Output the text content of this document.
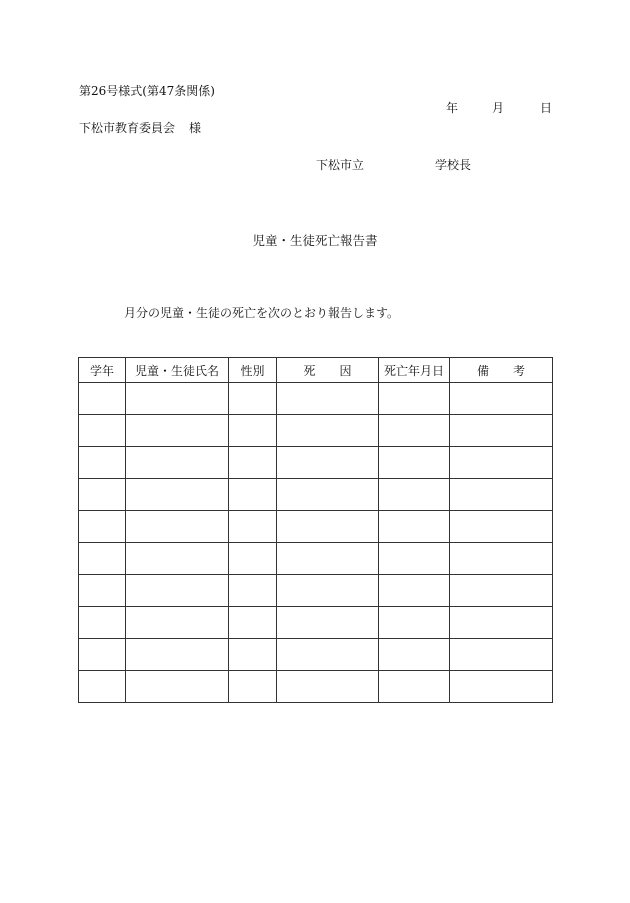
第26号様式(第47条関係)
年	月	日
下松市教育委員会 様
下松市立	学校長
児童・生徒死亡報告書
月分の児童・生徒の死亡を次のとおり報告します。
学年	児童・生徒氏名	性別	死　　因	死亡年月日	備　　考
